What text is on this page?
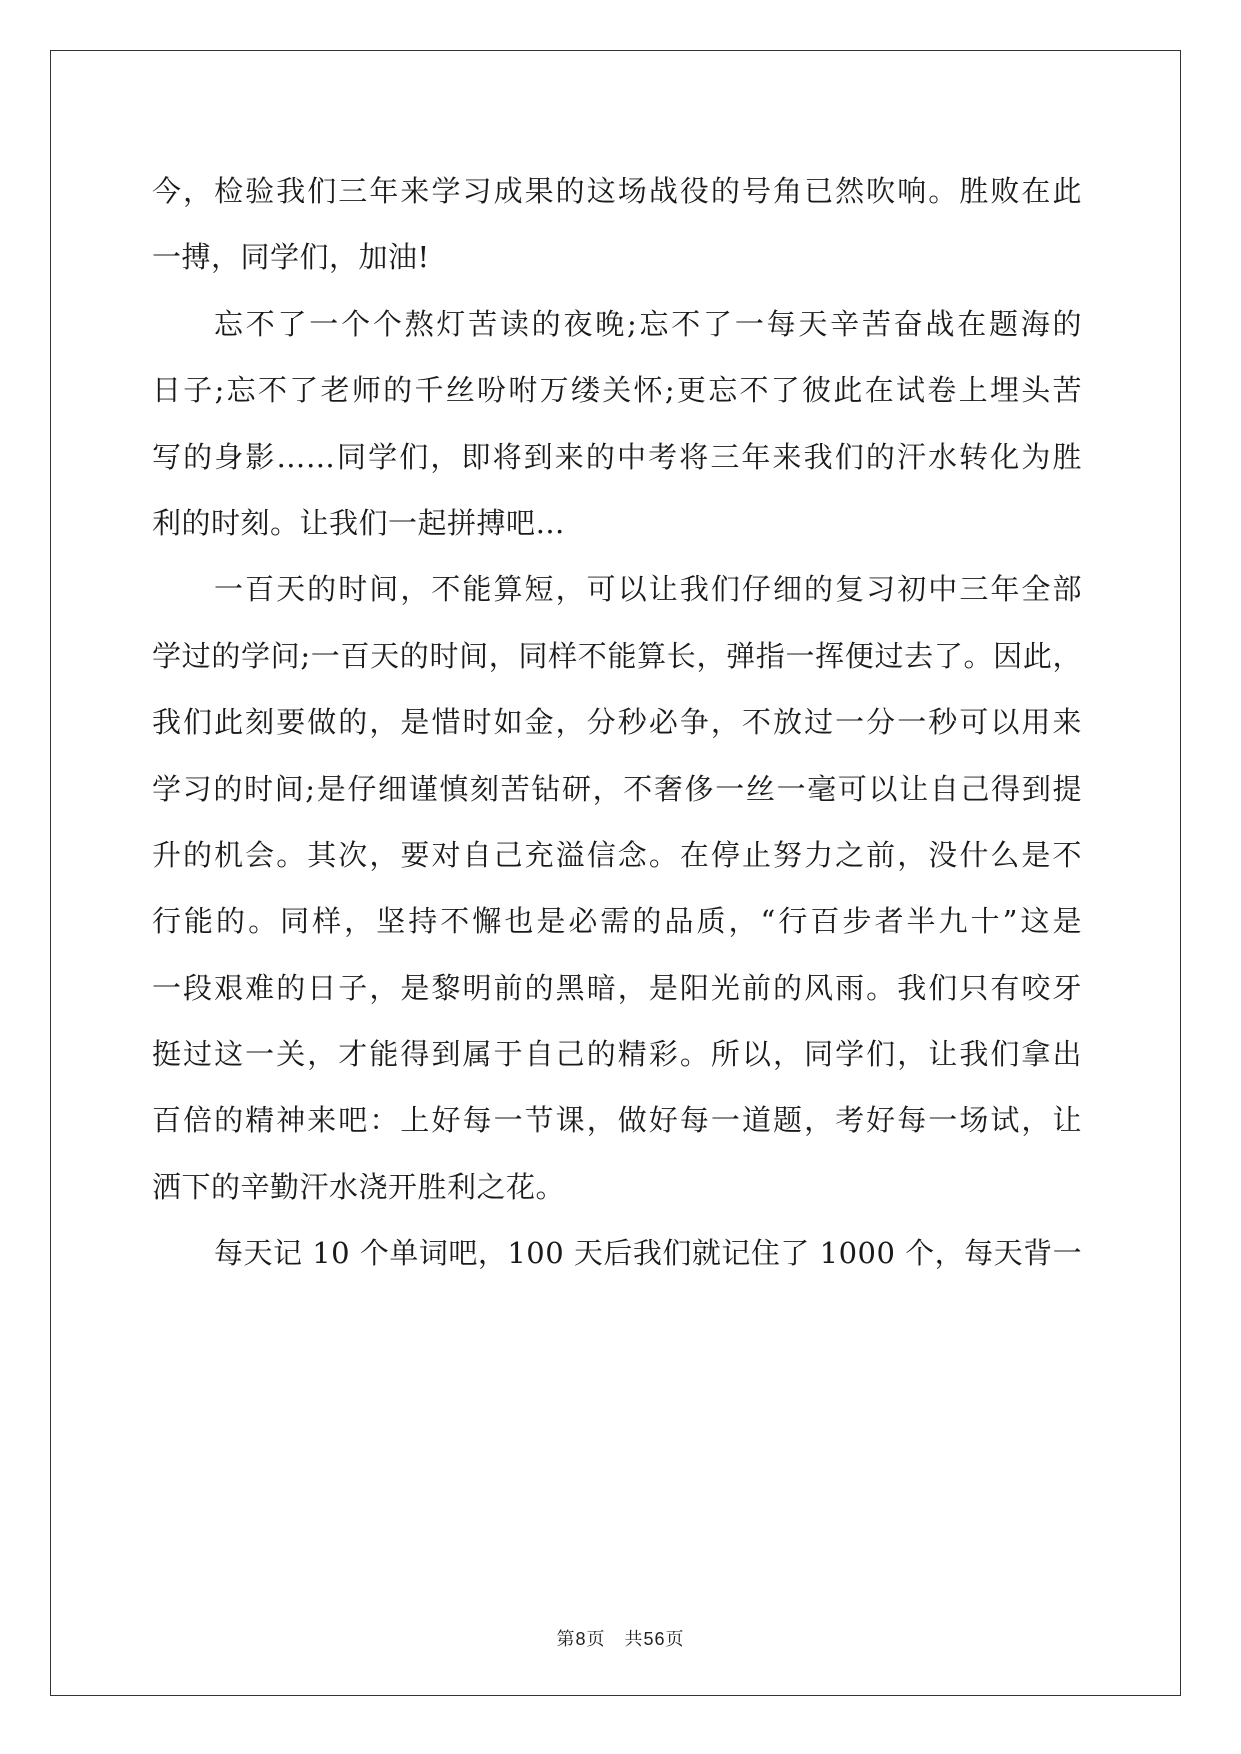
今，检验我们三年来学习成果的这场战役的号角已然吹响。胜败在此
一搏，同学们，加油!
忘不了一个个熬灯苦读的夜晚;忘不了一每天辛苦奋战在题海的
日子;忘不了老师的千丝吩咐万缕关怀;更忘不了彼此在试卷上埋头苦
写的身影……同学们，即将到来的中考将三年来我们的汗水转化为胜
利的时刻。让我们一起拼搏吧…
一百天的时间，不能算短，可以让我们仔细的复习初中三年全部
学过的学问;一百天的时间，同样不能算长，弹指一挥便过去了。因此，
我们此刻要做的，是惜时如金，分秒必争，不放过一分一秒可以用来
学习的时间;是仔细谨慎刻苦钻研，不奢侈一丝一毫可以让自己得到提
升的机会。其次，要对自己充溢信念。在停止努力之前，没什么是不
行能的。同样，坚持不懈也是必需的品质，“行百步者半九十”这是
一段艰难的日子，是黎明前的黑暗，是阳光前的风雨。我们只有咬牙
挺过这一关，才能得到属于自己的精彩。所以，同学们，让我们拿出
百倍的精神来吧：上好每一节课，做好每一道题，考好每一场试，让
洒下的辛勤汗水浇开胜利之花。
每天记 10 个单词吧，100 天后我们就记住了 1000 个，每天背一
第8页　共56页
